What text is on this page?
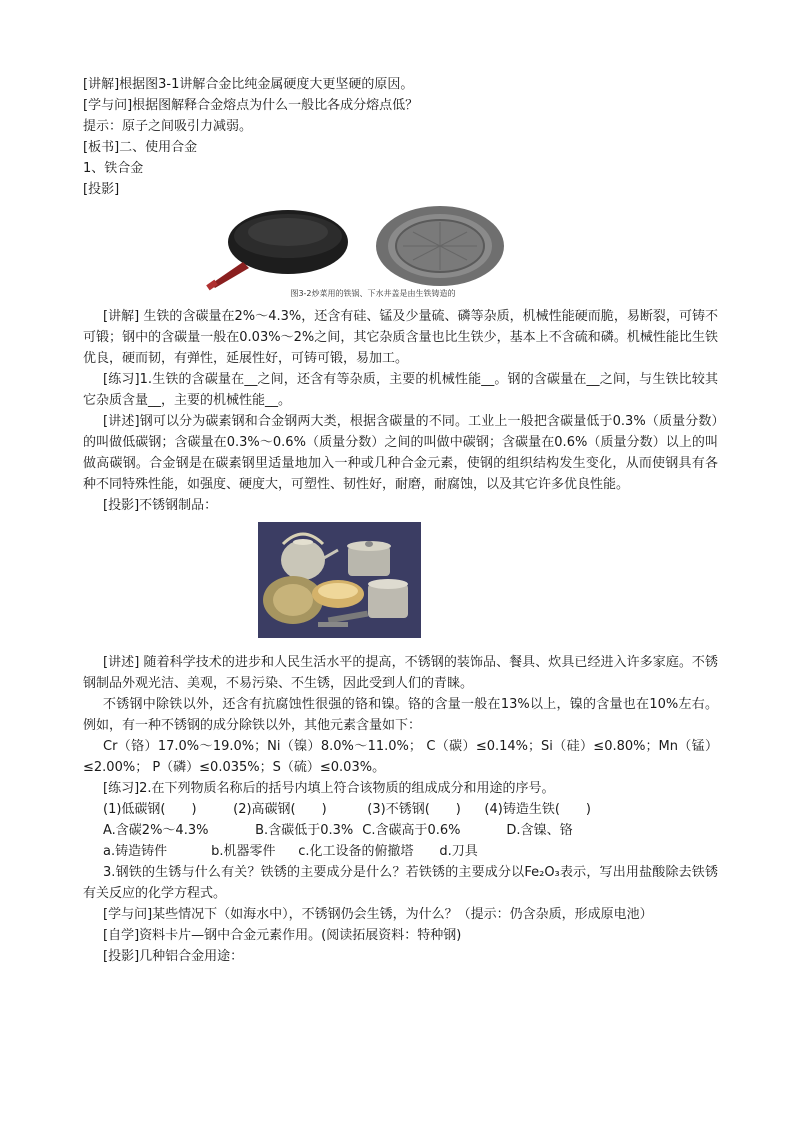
[讲解]根据图3-1讲解合金比纯金属硬度大更坚硬的原因。
[学与问]根据图解释合金熔点为什么一般比各成分熔点低？
提示：原子之间吸引力减弱。
[板书]二、使用合金
1、铁合金
[投影]
图3-2炒菜用的铁锅、下水井盖是由生铁铸造的
[讲解] 生铁的含碳量在2%～4.3%，还含有硅、锰及少量硫、磷等杂质，机械性能硬而脆，易断裂，可铸不可锻；钢中的含碳量一般在0.03%～2%之间，其它杂质含量也比生铁少，基本上不含硫和磷。机械性能比生铁优良，硬而韧，有弹性，延展性好，可铸可锻，易加工。
[练习]1.生铁的含碳量在__之间，还含有等杂质，主要的机械性能__。钢的含碳量在__之间，与生铁比较其它杂质含量__，主要的机械性能__。
[讲述]钢可以分为碳素钢和合金钢两大类，根据含碳量的不同。工业上一般把含碳量低于0.3%（质量分数）的叫做低碳钢；含碳量在0.3%～0.6%（质量分数）之间的叫做中碳钢；含碳量在0.6%（质量分数）以上的叫做高碳钢。合金钢是在碳素钢里适量地加入一种或几种合金元素，使钢的组织结构发生变化，从而使钢具有各种不同特殊性能，如强度、硬度大，可塑性、韧性好，耐磨，耐腐蚀，以及其它许多优良性能。
[投影]不锈钢制品：
[讲述] 随着科学技术的进步和人民生活水平的提高，不锈钢的装饰品、餐具、炊具已经进入许多家庭。不锈钢制品外观光洁、美观，不易污染、不生锈，因此受到人们的青睐。
不锈钢中除铁以外，还含有抗腐蚀性很强的铬和镍。铬的含量一般在13%以上，镍的含量也在10%左右。例如，有一种不锈钢的成分除铁以外，其他元素含量如下：
Cr（铬）17.0%～19.0%；Ni（镍）8.0%～11.0%； C（碳）≤0.14%；Si（硅）≤0.80%；Mn（锰）≤2.00%； P（磷）≤0.035%；S（硫）≤0.03%。
[练习]2.在下列物质名称后的括号内填上符合该物质的组成成分和用途的序号。
(1)低碳钢(　　)	(2)高碳钢(　　)	(3)不锈钢(　　) (4)铸造生铁(　　)
A.含碳2%～4.3%	B.含碳低于0.3% C.含碳高于0.6%	D.含镍、铬
a.铸造铸件	b.机器零件 c.化工设备的俯撤塔 d.刀具
3.钢铁的生锈与什么有关？铁锈的主要成分是什么？若铁锈的主要成分以Fe₂O₃表示，写出用盐酸除去铁锈有关反应的化学方程式。
[学与问]某些情况下（如海水中），不锈钢仍会生锈，为什么？（提示：仍含杂质，形成原电池）
[自学]资料卡片—钢中合金元素作用。(阅读拓展资料：特种钢)
[投影]几种铝合金用途：
